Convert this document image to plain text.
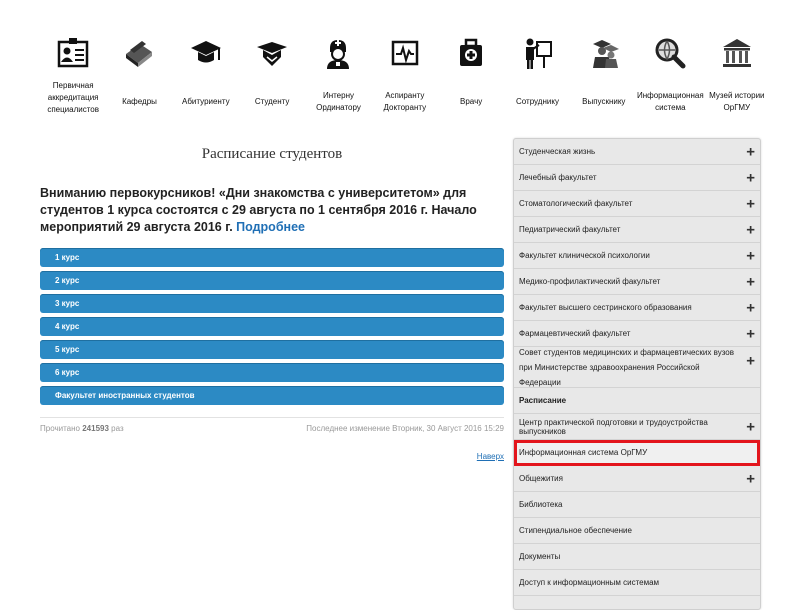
Первичная аккредитация специалистов
Кафедры	Абитуриенту	Студенту
Интерну Ординатору
Аспиранту Докторанту
Врачу	Сотруднику	Выпускнику
Информационная система
Музей истории ОрГМУ
Расписание студентов
Вниманию первокурсников! «Дни знакомства с университетом» для студентов 1 курса состоятся с 29 августа по 1 сентября 2016 г. Начало мероприятий 29 августа 2016 г. Подробнее
1 курс
2 курс
3 курс
4 курс
5 курс
6 курс
Факультет иностранных студентов
Прочитано 241593 раз	Последнее изменение Вторник, 30 Август 2016 15:29
Наверх
Студенческая жизнь	+
Лечебный факультет	+
Стоматологический факультет	+
Педиатрический факультет	+
Факультет клинической психологии	+
Медико-профилактический факультет	+
Факультет высшего сестринского образования	+
Фармацевтический факультет	+
Совет студентов медицинских и фармацевтических вузов при Министерстве здравоохранения Российской Федерации
+
Расписание
Центр практической подготовки и трудоустройства выпускников	+
Информационная система ОрГМУ
Общежития	+
Библиотека
Стипендиальное обеспечение
Документы
Доступ к информационным системам
